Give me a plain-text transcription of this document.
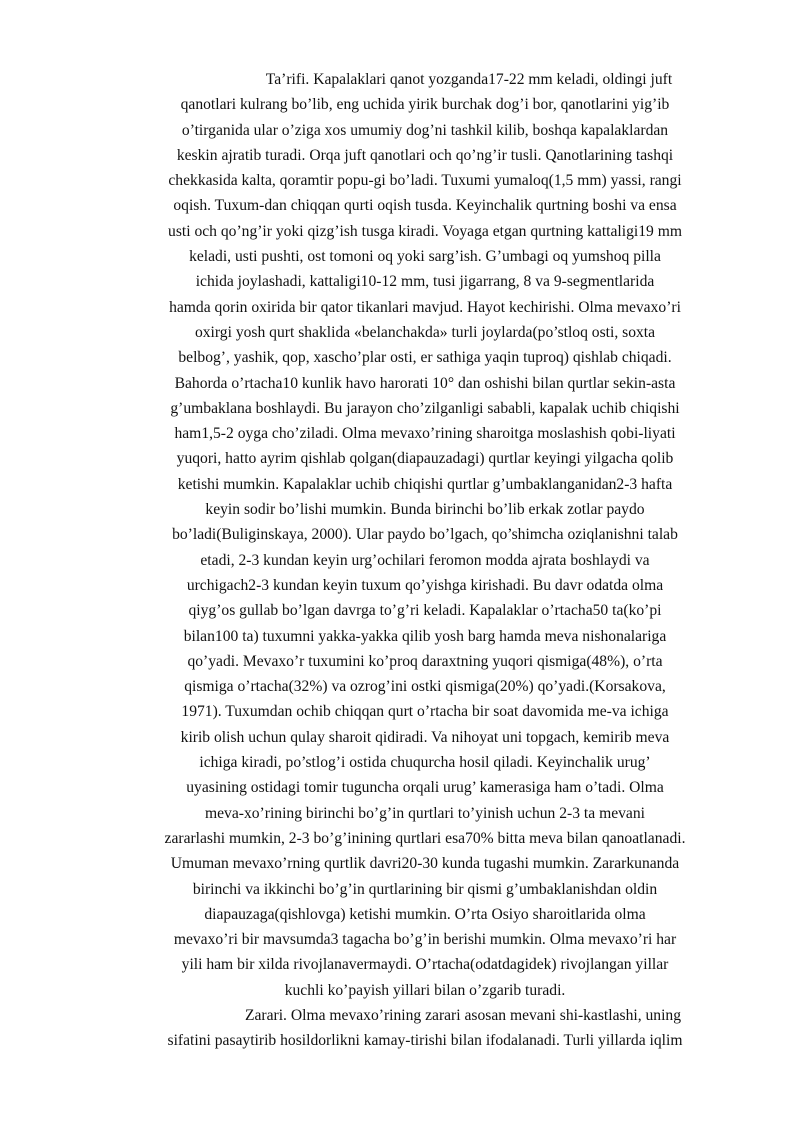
Ta’rifi. Kapalaklari qanot yozganda17-22 mm keladi, oldingi juft
qanotlari kulrang bo’lib, eng uchida yirik burchak dog’i bor, qanotlarini yig’ib
o’tirganida ular o’ziga xos umumiy dog’ni tashkil kilib, boshqa kapalaklardan
keskin ajratib turadi. Orqa juft qanotlari och qo’ng’ir tusli. Qanotlarining tashqi
chekkasida kalta, qoramtir popu-gi bo’ladi. Tuxumi yumaloq(1,5 mm) yassi, rangi
oqish. Tuxum-dan chiqqan qurti oqish tusda. Keyinchalik qurtning boshi va ensa
usti och qo’ng’ir yoki qizg’ish tusga kiradi. Voyaga etgan qurtning kattaligi19 mm
keladi, usti pushti, ost tomoni oq yoki sarg’ish. G’umbagi oq yumshoq pilla
ichida joylashadi, kattaligi10-12 mm, tusi jigarrang, 8 va 9-segmentlarida
hamda qorin oxirida bir qator tikanlari mavjud. Hayot kechirishi. Olma mevaxo’ri
oxirgi yosh qurt shaklida «belanchakda» turli joylarda(po’stloq osti, soxta
belbog’, yashik, qop, xascho’plar osti, er sathiga yaqin tuproq) qishlab chiqadi.
Bahorda o’rtacha10 kunlik havo harorati 10° dan oshishi bilan qurtlar sekin-asta
g’umbaklana boshlaydi. Bu jarayon cho’zilganligi sababli, kapalak uchib chiqishi
ham1,5-2 oyga cho’ziladi. Olma mevaxo’rining sharoitga moslashish qobi-liyati
yuqori, hatto ayrim qishlab qolgan(diapauzadagi) qurtlar keyingi yilgacha qolib
ketishi mumkin. Kapalaklar uchib chiqishi qurtlar g’umbaklanganidan2-3 hafta
keyin sodir bo’lishi mumkin. Bunda birinchi bo’lib erkak zotlar paydo
bo’ladi(Buliginskaya, 2000). Ular paydo bo’lgach, qo’shimcha oziqlanishni talab
etadi, 2-3 kundan keyin urg’ochilari feromon modda ajrata boshlaydi va
urchigach2-3 kundan keyin tuxum qo’yishga kirishadi. Bu davr odatda olma
qiyg’os gullab bo’lgan davrga to’g’ri keladi. Kapalaklar o’rtacha50 ta(ko’pi
bilan100 ta) tuxumni yakka-yakka qilib yosh barg hamda meva nishonalariga
qo’yadi. Mevaxo’r tuxumini ko’proq daraxtning yuqori qismiga(48%), o’rta
qismiga o’rtacha(32%) va ozrog’ini ostki qismiga(20%) qo’yadi.(Korsakova,
1971). Tuxumdan ochib chiqqan qurt o’rtacha bir soat davomida me-va ichiga
kirib olish uchun qulay sharoit qidiradi. Va nihoyat uni topgach, kemirib meva
ichiga kiradi, po’stlog’i ostida chuqurcha hosil qiladi. Keyinchalik urug’
uyasining ostidagi tomir tuguncha orqali urug’ kamerasiga ham o’tadi. Olma
meva-xo’rining birinchi bo’g’in qurtlari to’yinish uchun 2-3 ta mevani
zararlashi mumkin, 2-3 bo’g’inining qurtlari esa70% bitta meva bilan qanoatlanadi.
Umuman mevaxo’rning qurtlik davri20-30 kunda tugashi mumkin. Zararkunanda
birinchi va ikkinchi bo’g’in qurtlarining bir qismi g’umbaklanishdan oldin
diapauzaga(qishlovga) ketishi mumkin. O’rta Osiyo sharoitlarida olma
mevaxo’ri bir mavsumda3 tagacha bo’g’in berishi mumkin. Olma mevaxo’ri har
yili ham bir xilda rivojlanavermaydi. O’rtacha(odatdagidek) rivojlangan yillar
kuchli ko’payish yillari bilan o’zgarib turadi.
Zarari. Olma mevaxo’rining zarari asosan mevani shi-kastlashi, uning
sifatini pasaytirib hosildorlikni kamay-tirishi bilan ifodalanadi. Turli yillarda iqlim
